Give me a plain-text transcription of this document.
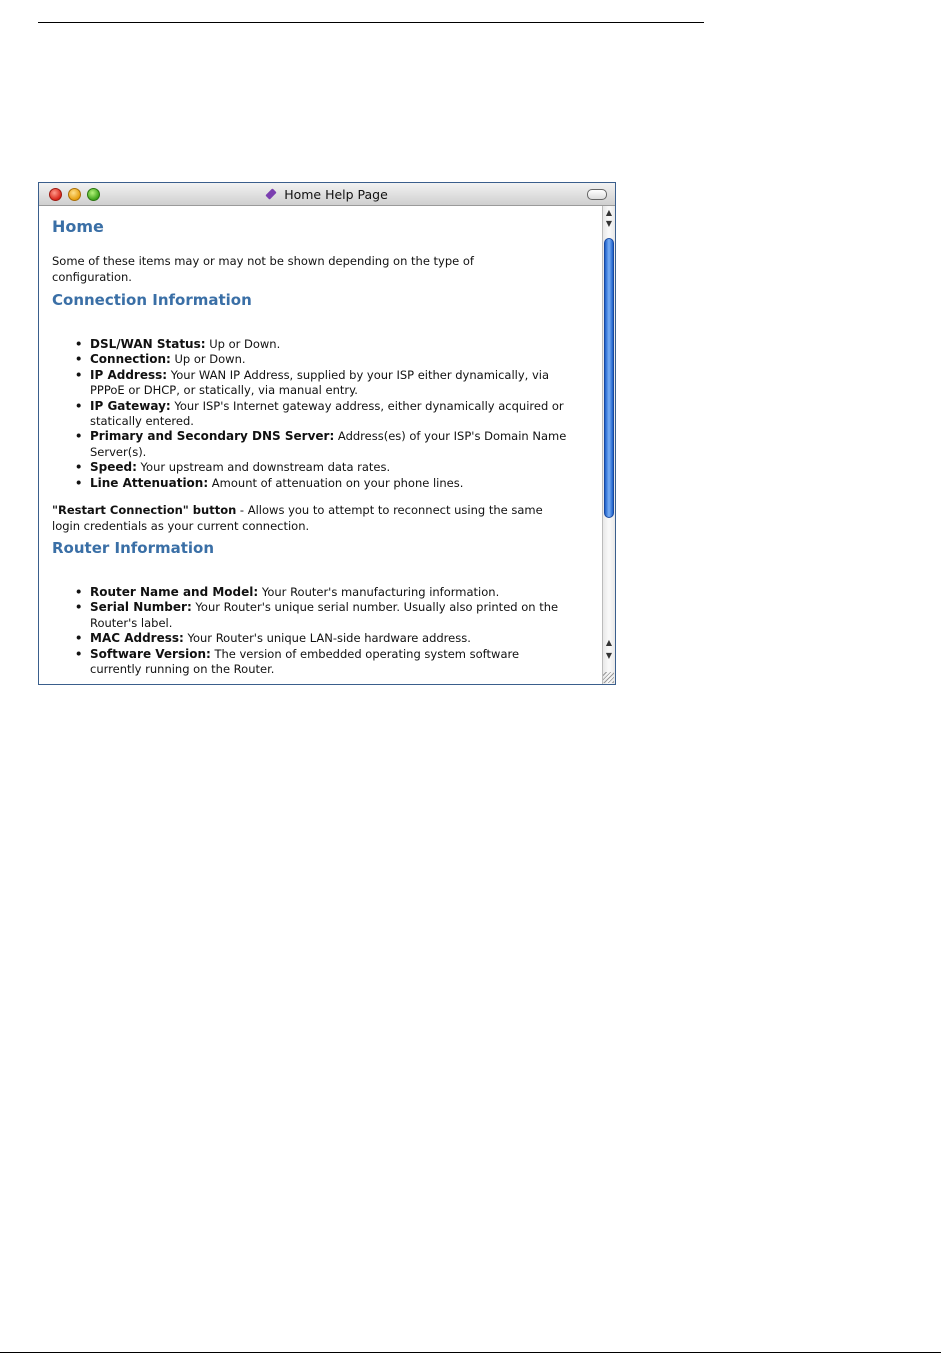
Home Help Page
Home

Some of these items may or may not be shown depending on the type of configuration.

Connection Information
• DSL/WAN Status: Up or Down.
• Connection: Up or Down.
• IP Address: Your WAN IP Address, supplied by your ISP either dynamically, via PPPoE or DHCP, or statically, via manual entry.
• IP Gateway: Your ISP's Internet gateway address, either dynamically acquired or statically entered.
• Primary and Secondary DNS Server: Address(es) of your ISP's Domain Name Server(s).
• Speed: Your upstream and downstream data rates.
• Line Attenuation: Amount of attenuation on your phone lines.

"Restart Connection" button - Allows you to attempt to reconnect using the same login credentials as your current connection.

Router Information
• Router Name and Model: Your Router's manufacturing information.
• Serial Number: Your Router's unique serial number. Usually also printed on the Router's label.
• MAC Address: Your Router's unique LAN-side hardware address.
• Software Version: The version of embedded operating system software currently running on the Router.
▲
▼
▲
▼
